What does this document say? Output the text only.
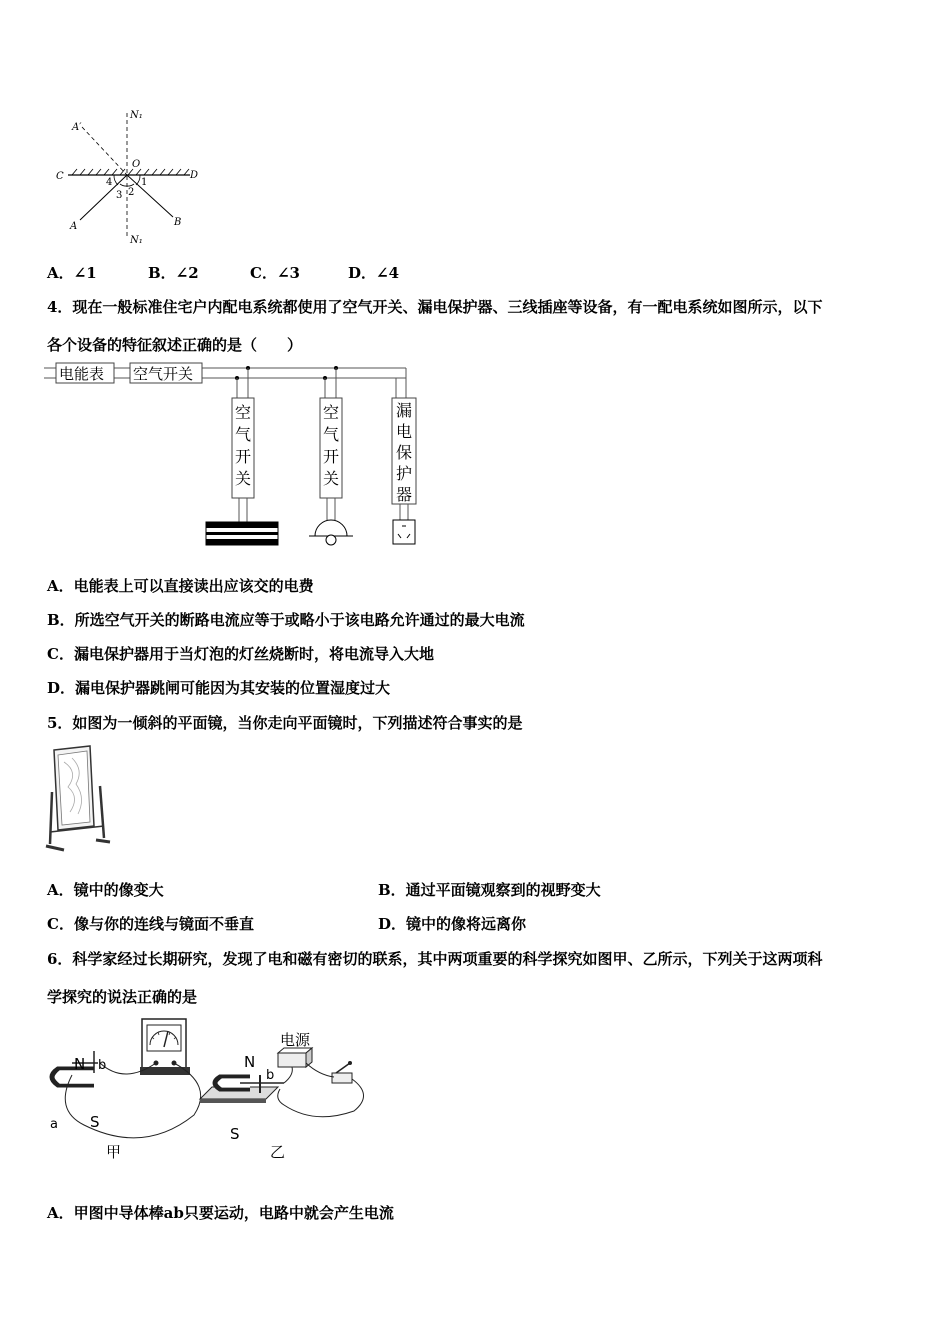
A′
N₁
O
C	D
4	1
3 2
A	B
N₁
A．∠1	B．∠2	C．∠3	D．∠4
4．现在一般标准住宅户内配电系统都使用了空气开关、漏电保护器、三线插座等设备，有一配电系统如图所示，以下
各个设备的特征叙述正确的是（　　）
电能表 空气开关
空
气
开
关
空
气
开
关
漏
电
保
护
器
A．电能表上可以直接读出应该交的电费
B．所选空气开关的断路电流应等于或略小于该电路允许通过的最大电流
C．漏电保护器用于当灯泡的灯丝烧断时，将电流导入大地
D．漏电保护器跳闸可能因为其安装的位置湿度过大
5．如图为一倾斜的平面镜，当你走向平面镜时，下列描述符合事实的是
A．镜中的像变大	B．通过平面镜观察到的视野变大
C．像与你的连线与镜面不垂直	D．镜中的像将远离你
6．科学家经过长期研究，发现了电和磁有密切的联系，其中两项重要的科学探究如图甲、乙所示，下列关于这两项科
学探究的说法正确的是
N b
a S
甲
电源
N
b
S
乙
A．甲图中导体棒ab只要运动，电路中就会产生电流
